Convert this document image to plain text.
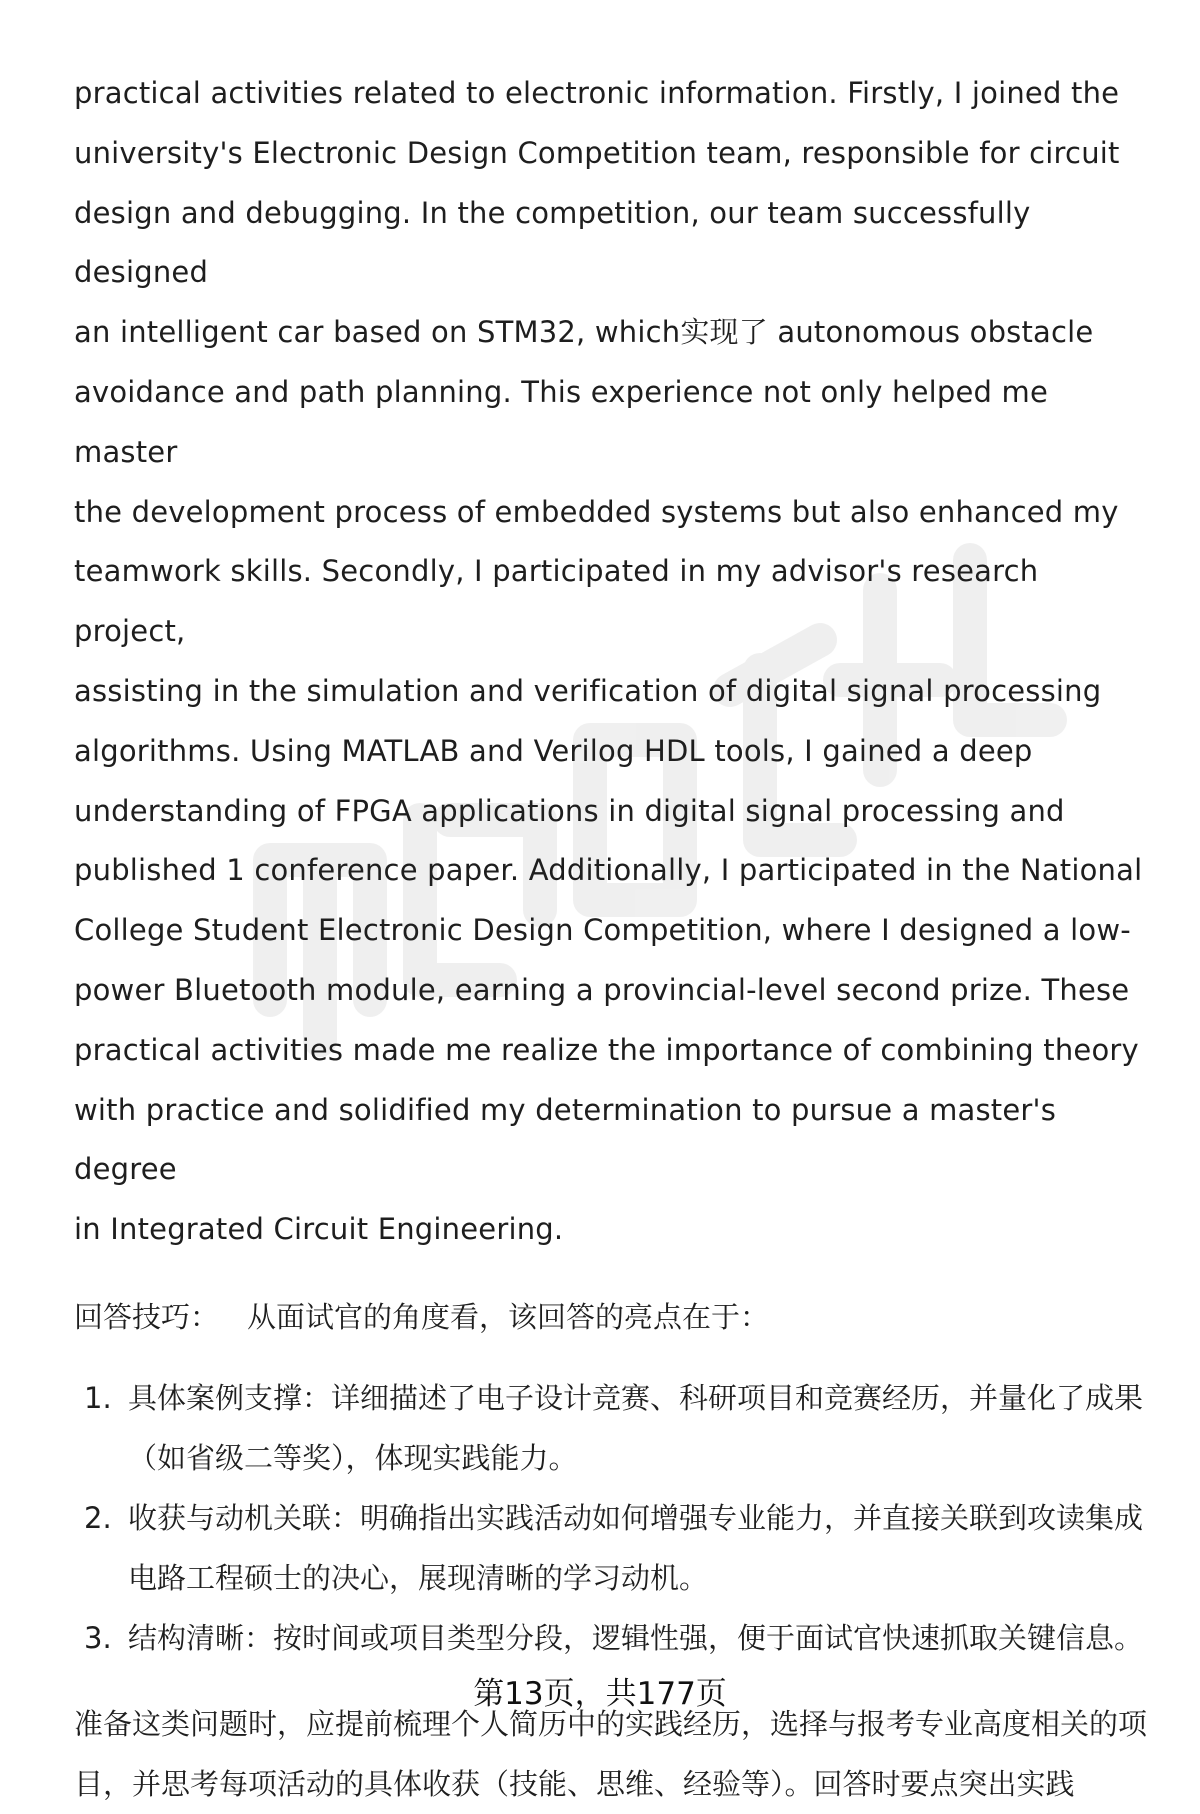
practical activities related to electronic information. Firstly, I joined the
university's Electronic Design Competition team, responsible for circuit
design and debugging. In the competition, our team successfully designed
an intelligent car based on STM32, which实现了 autonomous obstacle
avoidance and path planning. This experience not only helped me master
the development process of embedded systems but also enhanced my
teamwork skills. Secondly, I participated in my advisor's research project,
assisting in the simulation and verification of digital signal processing
algorithms. Using MATLAB and Verilog HDL tools, I gained a deep
understanding of FPGA applications in digital signal processing and
published 1 conference paper. Additionally, I participated in the National
College Student Electronic Design Competition, where I designed a low-
power Bluetooth module, earning a provincial-level second prize. These
practical activities made me realize the importance of combining theory
with practice and solidified my determination to pursue a master's degree
in Integrated Circuit Engineering.

回答技巧： 从面试官的角度看，该回答的亮点在于：
1. 具体案例支撑：详细描述了电子设计竞赛、科研项目和竞赛经历，并量化了成果（如省级二等奖），体现实践能力。
2. 收获与动机关联：明确指出实践活动如何增强专业能力，并直接关联到攻读集成电路工程硕士的决心，展现清晰的学习动机。
3. 结构清晰：按时间或项目类型分段，逻辑性强，便于面试官快速抓取关键信息。
准备这类问题时，应提前梳理个人简历中的实践经历，选择与报考专业高度相关的项目，并思考每项活动的具体收获（技能、思维、经验等）。回答时要点突出实践
第13页，共177页
